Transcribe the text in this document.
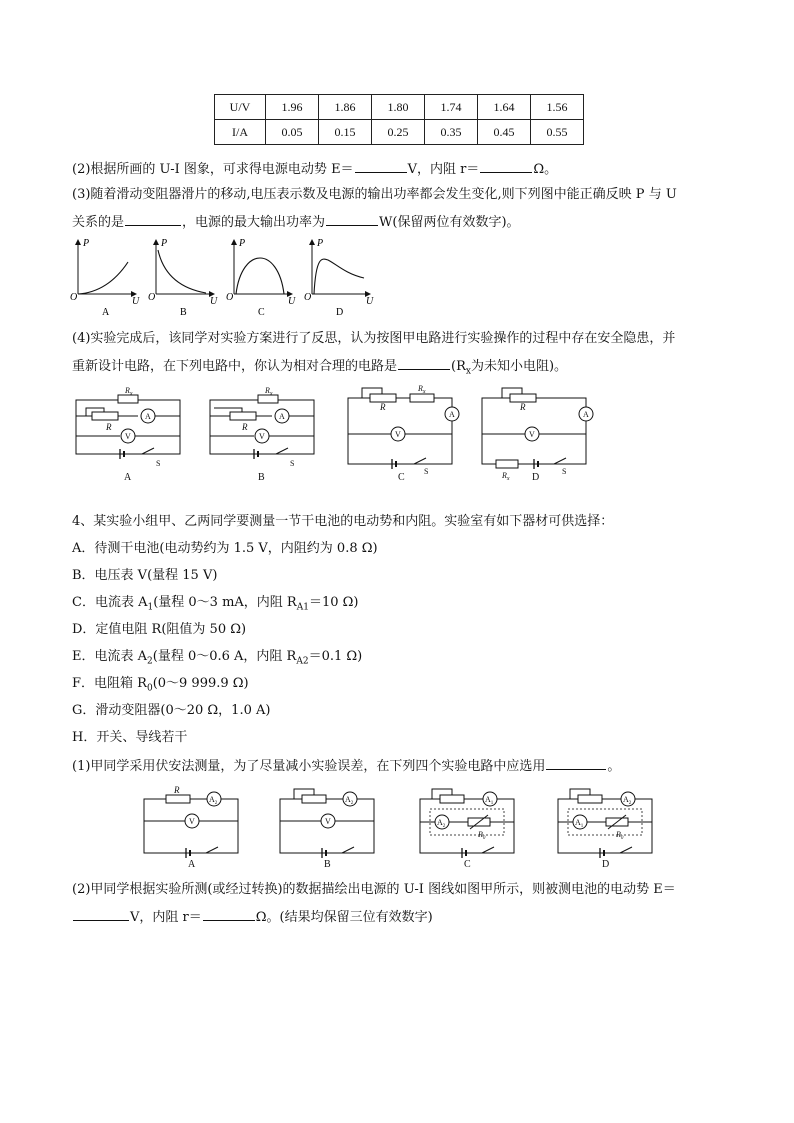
U/V	1.96	1.86	1.80	1.74	1.64	1.56
I/A	0.05	0.15	0.25	0.35	0.45	0.55
(2)根据所画的 U-I 图象，可求得电源电动势 E＝	V，内阻 r＝	Ω。
(3)随着滑动变阻器滑片的移动,电压表示数及电源的输出功率都会发生变化,则下列图中能正确反映 P 与 U
关系的是	，电源的最大输出功率为	W(保留两位有效数字)。
P
O	U
A
P
O	U
B
P
O	U
C
P
O	U
D
(4)实验完成后，该同学对实验方案进行了反思，认为按图甲电路进行实验操作的过程中存在安全隐患，并
重新设计电路，在下列电路中，你认为相对合理的电路是	($R_x$为未知小电阻)。
$R_x$
A
R
V
S
A
$R_x$
A
R
V
S
B
R
$R_x$
A
V
S
C
R
A
V
$R_x$
S
D
4、某实验小组甲、乙两同学要测量一节干电池的电动势和内阻。实验室有如下器材可供选择：
A．待测干电池(电动势约为 1.5 V，内阻约为 0.8 Ω)
B．电压表 V(量程 15 V)
C．电流表 $A_1$(量程 0～3 mA，内阻 $R_{A1}=10$ Ω)
D．定值电阻 R(阻值为 50 Ω)
E．电流表 $A_2$(量程 0～0.6 A，内阻 $R_{A2}=0.1$ Ω)
F．电阻箱 $R_0(0\sim 9$ 999.9 Ω)
G．滑动变阻器(0～20 Ω，1.0 A)
H．开关、导线若干
(1)甲同学采用伏安法测量，为了尽量减小实验误差，在下列四个实验电路中应选用	。
R
$A_2$
V
A
$A_2$
V
B
$A_1$
$A_2$
$R_0$
C
$A_2$
$A_1$
$R_0$
D
(2)甲同学根据实验所测(或经过转换)的数据描绘出电源的 U-I 图线如图甲所示，则被测电池的电动势 E＝
V，内阻 r＝	Ω。(结果均保留三位有效数字)
